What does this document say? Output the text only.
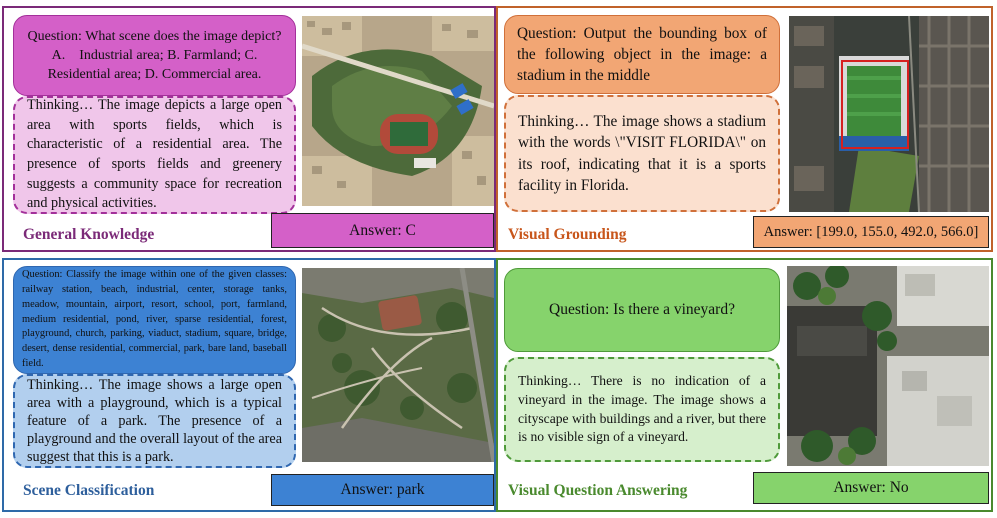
Question: What scene does the image depict? A.    Industrial area; B. Farmland; C. Residential area; D. Commercial area.
Thinking… The image depicts a large open area with sports fields, which is characteristic of a residential area. The presence of sports fields and greenery suggests a community space for recreation and physical activities.
General Knowledge	Answer: C
Question: Output the bounding box of the following object in the image: a stadium in the middle
Thinking… The image shows a stadium with the words \"VISIT FLORIDA\" on its roof, indicating that it is a sports facility in Florida.
Visual Grounding	Answer: [199.0, 155.0, 492.0, 566.0]
Question: Classify the image within one of the given classes: railway station, beach, industrial, center, storage tanks, meadow, mountain, airport, resort, school, port, farmland, medium residential, pond, river, sparse residential, forest, playground, church, parking, viaduct, stadium, square, bridge, desert, dense residential, commercial, park, bare land, baseball field.
Thinking… The image shows a large open area with a playground, which is a typical feature of a park. The presence of a playground and the overall layout of the area suggest that this is a park.
Scene Classification	Answer: park
Question: Is there a vineyard?
Thinking… There is no indication of a vineyard in the image. The image shows a cityscape with buildings and a river, but there is no visible sign of a vineyard.
Visual Question Answering	Answer: No
